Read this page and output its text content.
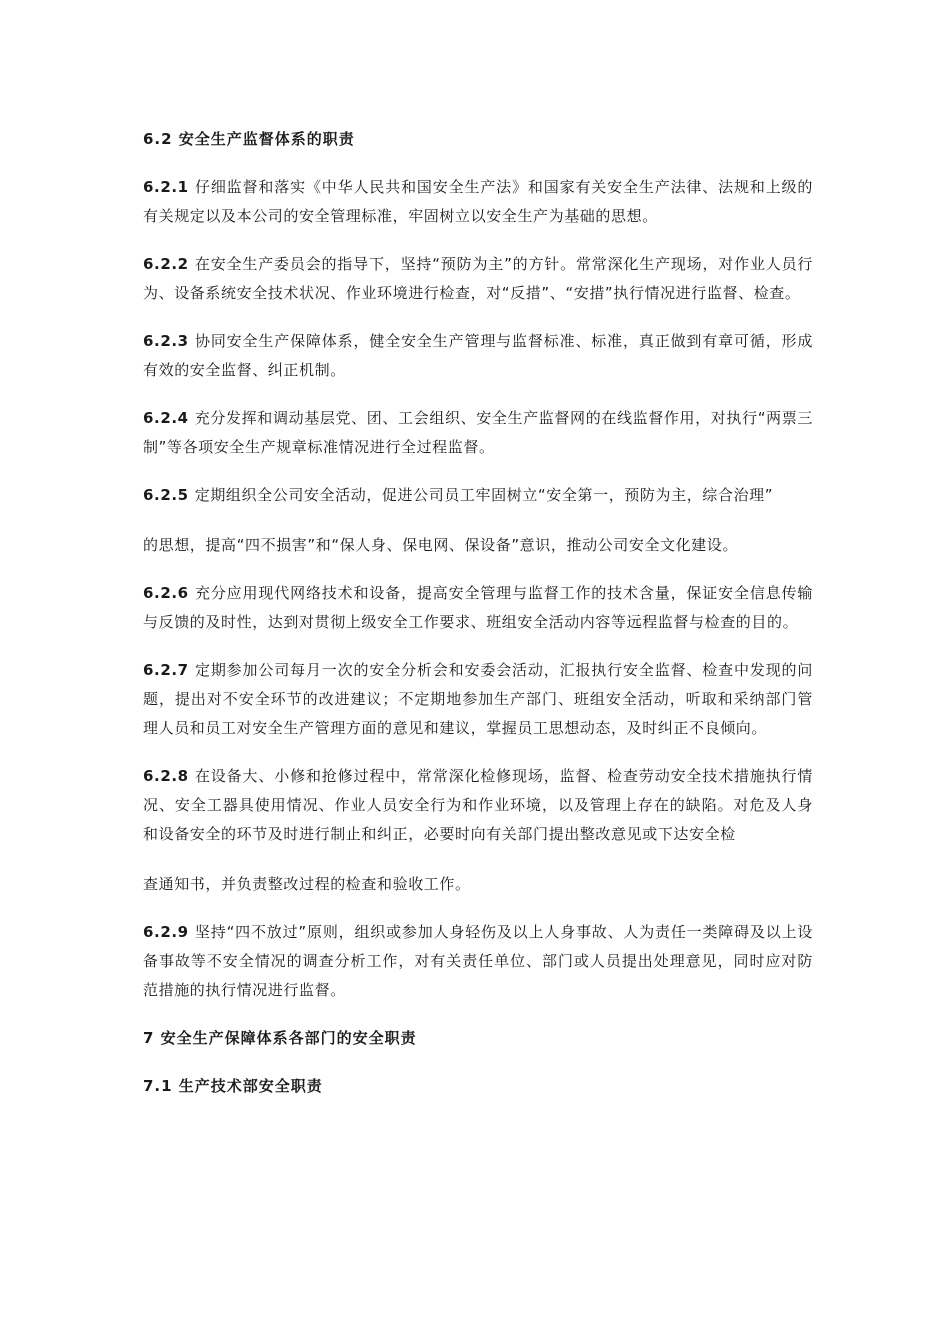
6.2 安全生产监督体系的职责

6.2.1 仔细监督和落实《中华人民共和国安全生产法》和国家有关安全生产法律、法规和上级的有关规定以及本公司的安全管理标准，牢固树立以安全生产为基础的思想。

6.2.2 在安全生产委员会的指导下，坚持“预防为主”的方针。常常深化生产现场，对作业人员行为、设备系统安全技术状况、作业环境进行检查，对“反措”、“安措”执行情况进行监督、检查。

6.2.3 协同安全生产保障体系，健全安全生产管理与监督标准、标准，真正做到有章可循，形成有效的安全监督、纠正机制。

6.2.4 充分发挥和调动基层党、团、工会组织、安全生产监督网的在线监督作用，对执行“两票三制”等各项安全生产规章标准情况进行全过程监督。

6.2.5 定期组织全公司安全活动，促进公司员工牢固树立“安全第一，预防为主，综合治理”

的思想，提高“四不损害”和“保人身、保电网、保设备”意识，推动公司安全文化建设。

6.2.6 充分应用现代网络技术和设备，提高安全管理与监督工作的技术含量，保证安全信息传输与反馈的及时性，达到对贯彻上级安全工作要求、班组安全活动内容等远程监督与检查的目的。

6.2.7 定期参加公司每月一次的安全分析会和安委会活动，汇报执行安全监督、检查中发现的问题，提出对不安全环节的改进建议；不定期地参加生产部门、班组安全活动，听取和采纳部门管理人员和员工对安全生产管理方面的意见和建议，掌握员工思想动态，及时纠正不良倾向。

6.2.8 在设备大、小修和抢修过程中，常常深化检修现场，监督、检查劳动安全技术措施执行情况、安全工器具使用情况、作业人员安全行为和作业环境，以及管理上存在的缺陷。对危及人身和设备安全的环节及时进行制止和纠正，必要时向有关部门提出整改意见或下达安全检

查通知书，并负责整改过程的检查和验收工作。

6.2.9 坚持“四不放过”原则，组织或参加人身轻伤及以上人身事故、人为责任一类障碍及以上设备事故等不安全情况的调查分析工作，对有关责任单位、部门或人员提出处理意见，同时应对防范措施的执行情况进行监督。

7 安全生产保障体系各部门的安全职责

7.1 生产技术部安全职责
